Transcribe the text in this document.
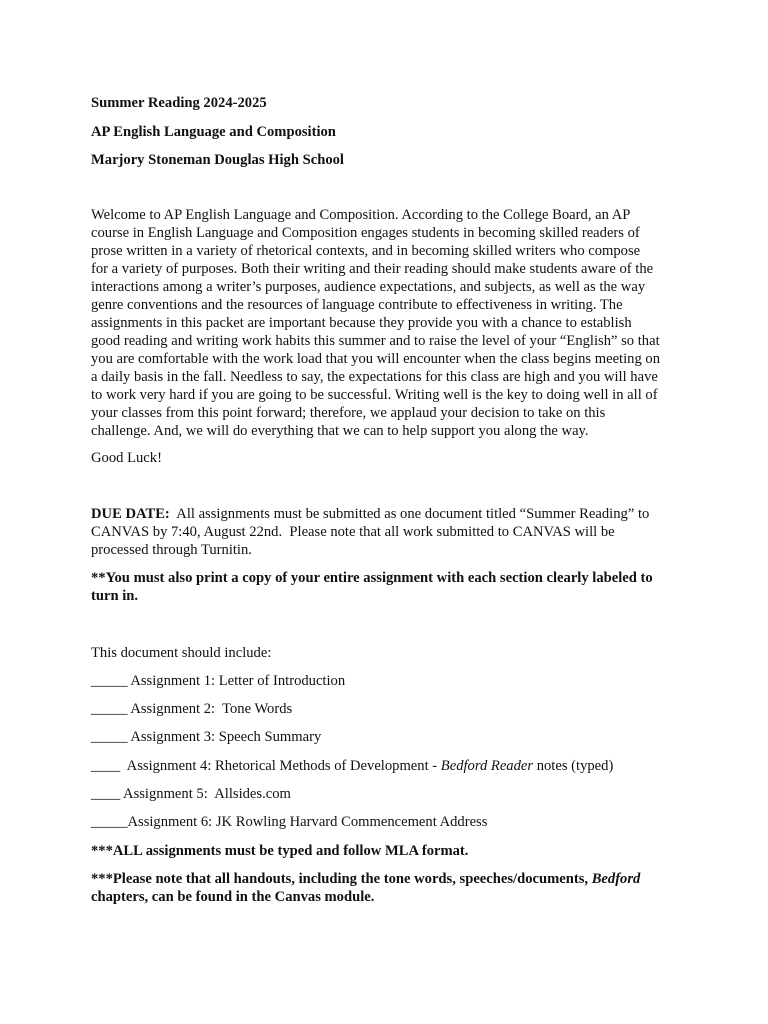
Summer Reading 2024-2025

AP English Language and Composition

Marjory Stoneman Douglas High School

Welcome to AP English Language and Composition. According to the College Board, an AP
course in English Language and Composition engages students in becoming skilled readers of
prose written in a variety of rhetorical contexts, and in becoming skilled writers who compose
for a variety of purposes. Both their writing and their reading should make students aware of the
interactions among a writer’s purposes, audience expectations, and subjects, as well as the way
genre conventions and the resources of language contribute to effectiveness in writing. The
assignments in this packet are important because they provide you with a chance to establish
good reading and writing work habits this summer and to raise the level of your “English” so that
you are comfortable with the work load that you will encounter when the class begins meeting on
a daily basis in the fall. Needless to say, the expectations for this class are high and you will have
to work very hard if you are going to be successful. Writing well is the key to doing well in all of
your classes from this point forward; therefore, we applaud your decision to take on this
challenge. And, we will do everything that we can to help support you along the way.

Good Luck!

DUE DATE:  All assignments must be submitted as one document titled “Summer Reading” to
CANVAS by 7:40, August 22nd.  Please note that all work submitted to CANVAS will be
processed through Turnitin.
**You must also print a copy of your entire assignment with each section clearly labeled to
turn in.

This document should include:

_____ Assignment 1: Letter of Introduction

_____ Assignment 2:  Tone Words

_____ Assignment 3: Speech Summary

____  Assignment 4: Rhetorical Methods of Development - Bedford Reader notes (typed)

____ Assignment 5:  Allsides.com

_____Assignment 6: JK Rowling Harvard Commencement Address

***ALL assignments must be typed and follow MLA format.

***Please note that all handouts, including the tone words, speeches/documents, Bedford
chapters, can be found in the Canvas module.
